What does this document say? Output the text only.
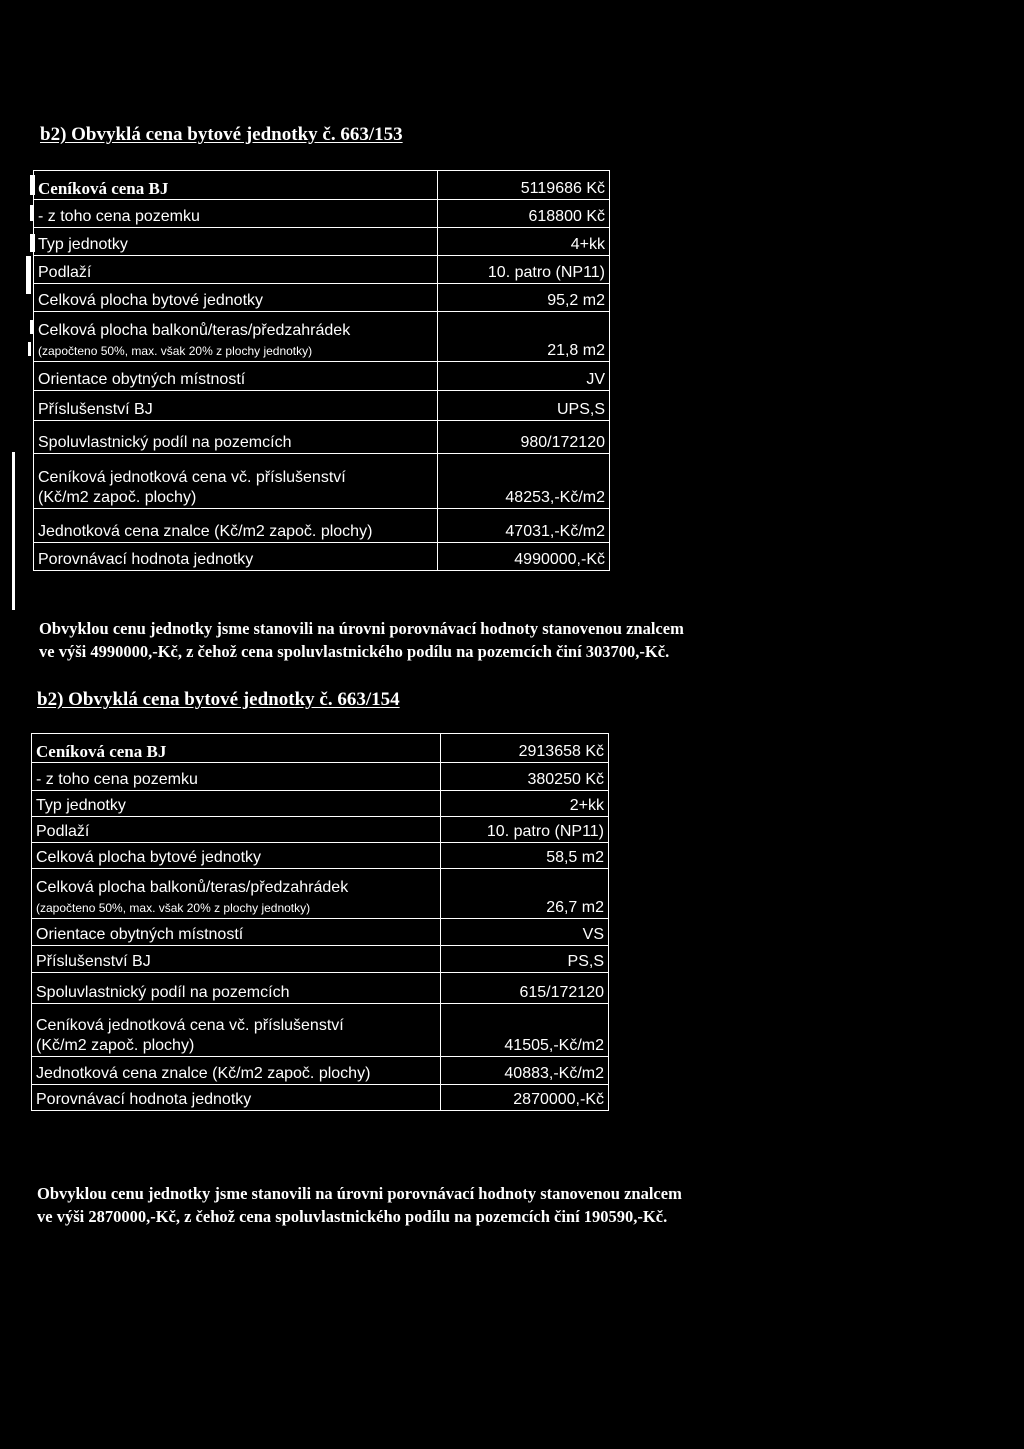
b2) Obvyklá cena bytové jednotky č. 663/153
Ceníková cena BJ	5119686 Kč
- z toho cena pozemku	618800 Kč
Typ jednotky	4+kk
Podlaží	10. patro (NP11)
Celková plocha bytové jednotky	95,2 m2

Celková plocha balkonů/teras/předzahrádek
(započteno 50%, max. však 20% z plochy jednotky)	21,8 m2
Orientace obytných místností	JV
Příslušenství BJ	UPS,S
Spoluvlastnický podíl na pozemcích	980/172120

Ceníková jednotková cena vč. příslušenství
(Kč/m2 započ. plochy)	48253,-Kč/m2
Jednotková cena znalce (Kč/m2 započ. plochy)	47031,-Kč/m2
Porovnávací hodnota jednotky	4990000,-Kč
Obvyklou cenu jednotky jsme stanovili na úrovni porovnávací hodnoty stanovenou znalcem
ve výši 4990000,-Kč, z čehož cena spoluvlastnického podílu na pozemcích činí 303700,-Kč.
b2) Obvyklá cena bytové jednotky č. 663/154
Ceníková cena BJ	2913658 Kč
- z toho cena pozemku	380250 Kč
Typ jednotky	2+kk
Podlaží	10. patro (NP11)
Celková plocha bytové jednotky	58,5 m2

Celková plocha balkonů/teras/předzahrádek
(započteno 50%, max. však 20% z plochy jednotky)	26,7 m2
Orientace obytných místností	VS
Příslušenství BJ	PS,S
Spoluvlastnický podíl na pozemcích	615/172120

Ceníková jednotková cena vč. příslušenství
(Kč/m2 započ. plochy)	41505,-Kč/m2
Jednotková cena znalce (Kč/m2 započ. plochy)	40883,-Kč/m2
Porovnávací hodnota jednotky	2870000,-Kč
Obvyklou cenu jednotky jsme stanovili na úrovni porovnávací hodnoty stanovenou znalcem
ve výši 2870000,-Kč, z čehož cena spoluvlastnického podílu na pozemcích činí 190590,-Kč.
